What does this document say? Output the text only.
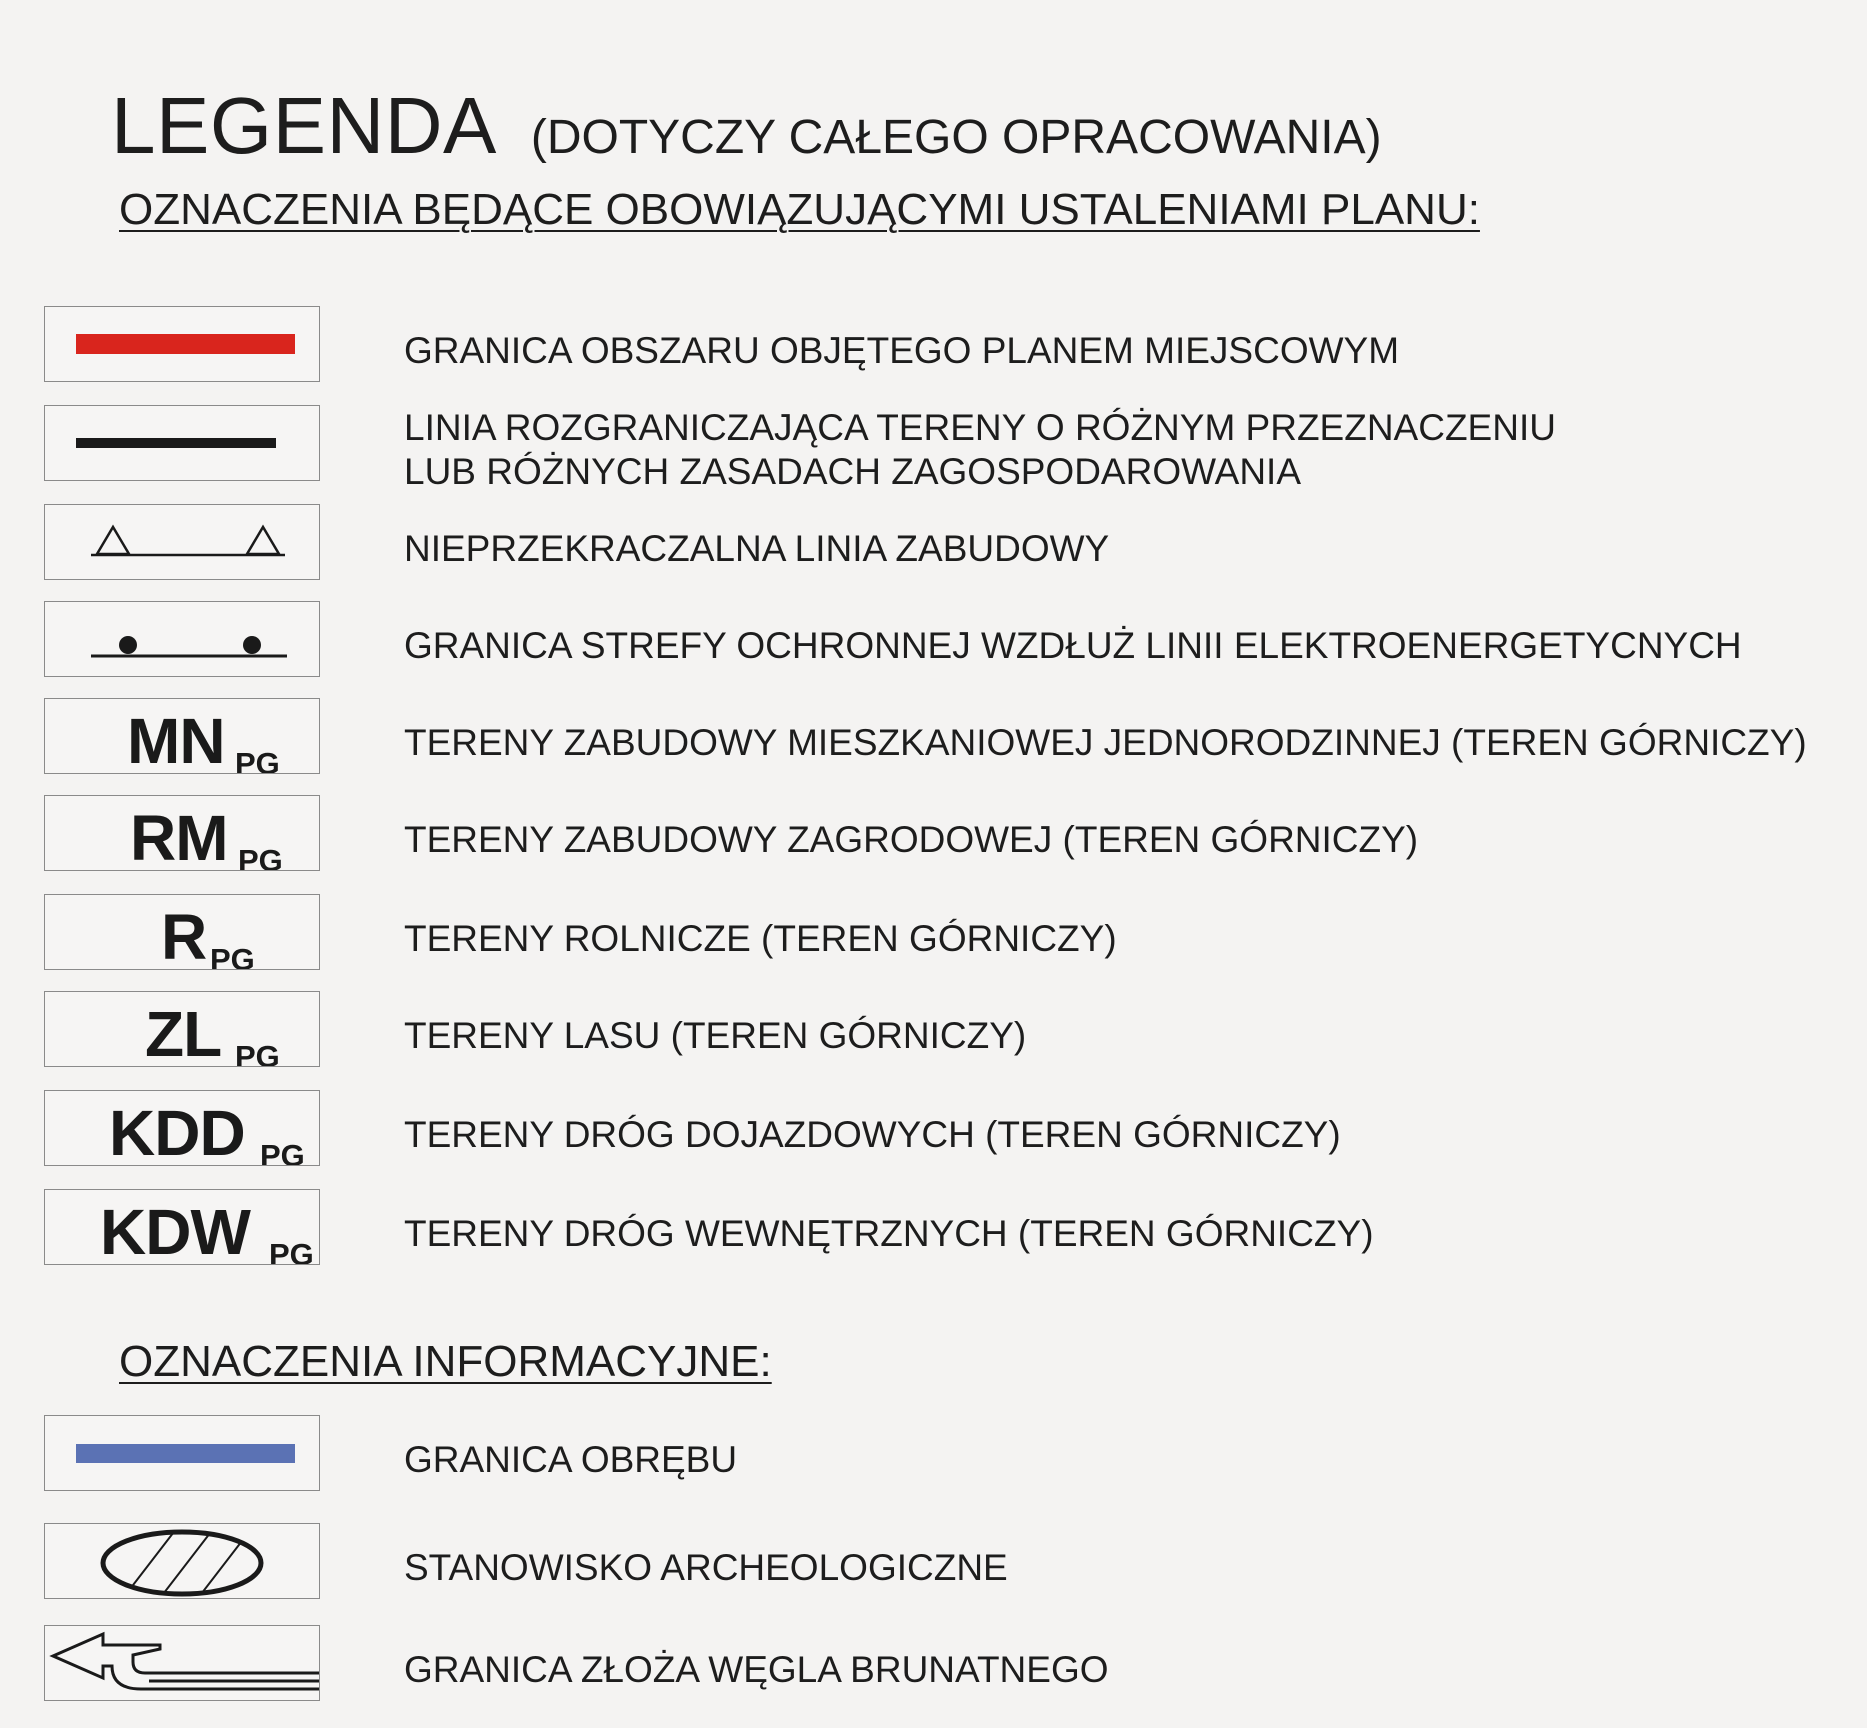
LEGENDA (DOTYCZY CAŁEGO OPRACOWANIA)
OZNACZENIA BĘDĄCE OBOWIĄZUJĄCYMI USTALENIAMI PLANU:
GRANICA OBSZARU OBJĘTEGO PLANEM MIEJSCOWYM
LINIA ROZGRANICZAJĄCA TERENY O RÓŻNYM PRZEZNACZENIU
LUB RÓŻNYCH ZASADACH ZAGOSPODAROWANIA
NIEPRZEKRACZALNA LINIA ZABUDOWY
GRANICA STREFY OCHRONNEJ WZDŁUŻ LINII ELEKTROENERGETYCNYCH
MN PG
TERENY ZABUDOWY MIESZKANIOWEJ JEDNORODZINNEJ (TEREN GÓRNICZY)
RM PG
TERENY ZABUDOWY ZAGRODOWEJ (TEREN GÓRNICZY)
R PG
TERENY ROLNICZE (TEREN GÓRNICZY)
ZL PG
TERENY LASU (TEREN GÓRNICZY)
KDD PG
TERENY DRÓG DOJAZDOWYCH (TEREN GÓRNICZY)
KDW PG
TERENY DRÓG WEWNĘTRZNYCH (TEREN GÓRNICZY)
OZNACZENIA INFORMACYJNE:
GRANICA OBRĘBU
STANOWISKO ARCHEOLOGICZNE
GRANICA ZŁOŻA WĘGLA BRUNATNEGO
